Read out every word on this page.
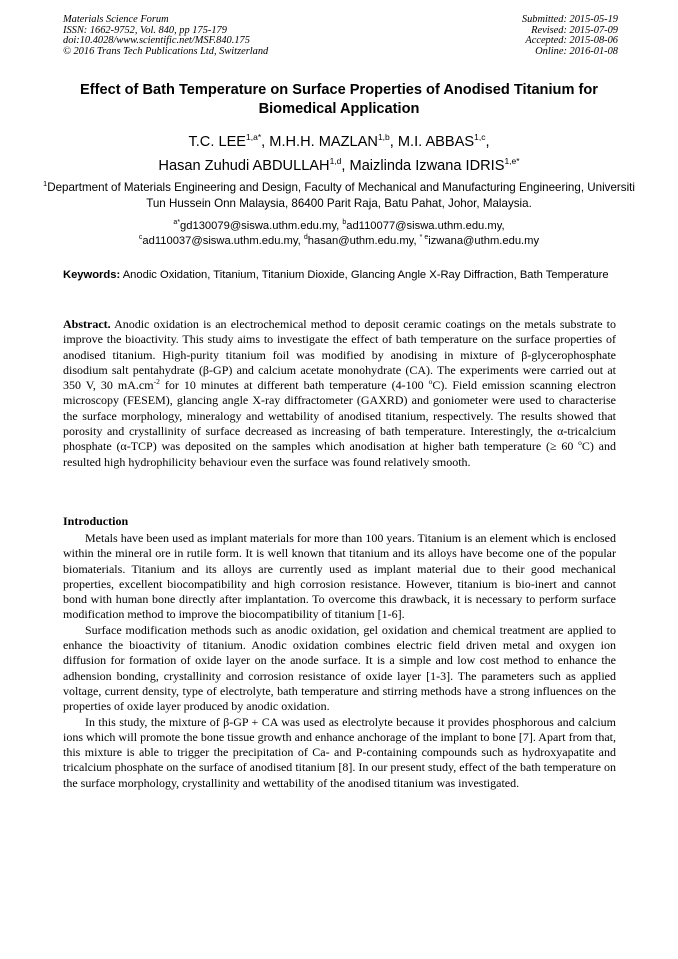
Materials Science Forum
ISSN: 1662-9752, Vol. 840, pp 175-179
doi:10.4028/www.scientific.net/MSF.840.175
© 2016 Trans Tech Publications Ltd, Switzerland
Submitted: 2015-05-19
Revised: 2015-07-09
Accepted: 2015-08-06
Online: 2016-01-08
Effect of Bath Temperature on Surface Properties of Anodised Titanium for Biomedical Application
T.C. $LEE^{1,a*}$, M.H.H. MAZLAN$^{1,b}$, M.I. ABBAS$^{1,c}$,
Hasan Zuhudi ABDULLAH$^{1,d}$, Maizlinda Izwana $IDRIS^{1,e*}$
$^1$Department of Materials Engineering and Design, Faculty of Mechanical and Manufacturing Engineering, Universiti Tun Hussein Onn Malaysia, 86400 Parit Raja, Batu Pahat, Johor, Malaysia.
$^{a*}$gd130079@siswa.uthm.edu.my, $^b$ad110077@siswa.uthm.edu.my,
$^c$ad110037@siswa.uthm.edu.my, $^d$hasan@uthm.edu.my, $^{* e}$izwana@uthm.edu.my
Keywords: Anodic Oxidation, Titanium, Titanium Dioxide, Glancing Angle X-Ray Diffraction, Bath Temperature
Abstract. Anodic oxidation is an electrochemical method to deposit ceramic coatings on the metals substrate to improve the bioactivity. This study aims to investigate the effect of bath temperature on the surface properties of anodised titanium. High-purity titanium foil was modified by anodising in mixture of β-glycerophosphate disodium salt pentahydrate (β-GP) and calcium acetate monohydrate (CA). The experiments were carried out at 350 V, 30 $mA.cm^{-2}$ for 10 minutes at different bath temperature (4-100 $^o$C). Field emission scanning electron microscopy (FESEM), glancing angle X-ray diffractometer (GAXRD) and goniometer were used to characterise the surface morphology, mineralogy and wettability of anodised titanium, respectively. The results showed that porosity and crystallinity of surface decreased as increasing of bath temperature. Interestingly, the α-tricalcium phosphate (α-TCP) was deposited on the samples which anodisation at higher bath temperature (≥ 60 $^o$C) and resulted high hydrophilicity behaviour even the surface was found relatively smooth.
Introduction

Metals have been used as implant materials for more than 100 years. Titanium is an element which is enclosed within the mineral ore in rutile form. It is well known that titanium and its alloys have become one of the popular biomaterials. Titanium and its alloys are currently used as implant material due to their good mechanical properties, excellent biocompatibility and high corrosion resistance. However, titanium is bio-inert and cannot bond with human bone directly after implantation. To overcome this drawback, it is necessary to perform surface modification method to improve the biocompatibility of titanium [1-6].

Surface modification methods such as anodic oxidation, gel oxidation and chemical treatment are applied to enhance the bioactivity of titanium. Anodic oxidation combines electric field driven metal and oxygen ion diffusion for formation of oxide layer on the anode surface. It is a simple and low cost method to enhance the adhension bonding, crystallinity and corrosion resistance of oxide layer [1-3]. The parameters such as applied voltage, current density, type of electrolyte, bath temperature and stirring methods have a strong influences on the properties of oxide layer produced by anodic oxidation.

In this study, the mixture of β-GP + CA was used as electrolyte because it provides phosphorous and calcium ions which will promote the bone tissue growth and enhance anchorage of the implant to bone [7]. Apart from that, this mixture is able to trigger the precipitation of Ca- and P-containing compounds such as hydroxyapatite and tricalcium phosphate on the surface of anodised titanium [8]. In our present study, effect of the bath temperature on the surface morphology, crystallinity and wettability of the anodised titanium was investigated.
